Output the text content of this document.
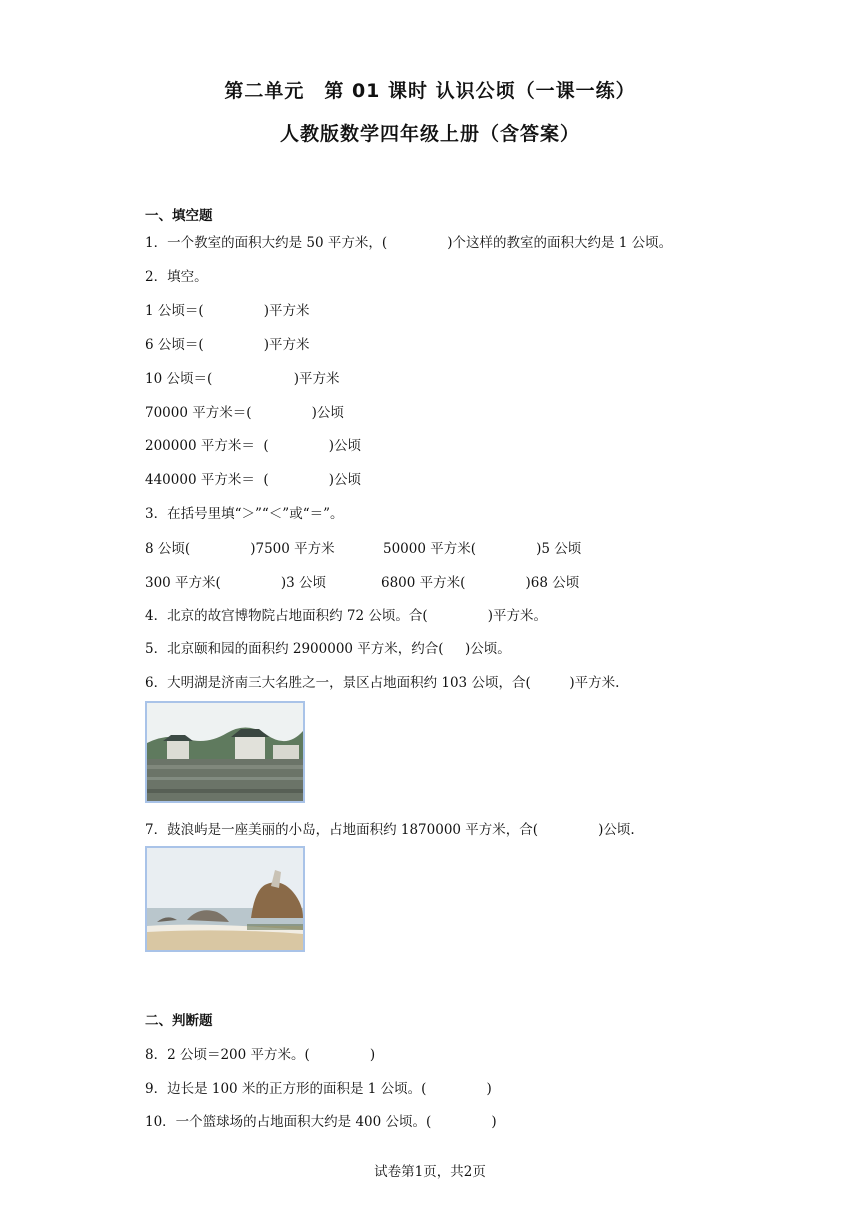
第二单元　第 01 课时 认识公顷（一课一练）
人教版数学四年级上册（含答案）
一、填空题
1．一个教室的面积大约是 50 平方米，(              )个这样的教室的面积大约是 1 公顷。
2．填空。
1 公顷＝(              )平方米
6 公顷＝(              )平方米
10 公顷＝(                   )平方米
70000 平方米＝(              )公顷
200000 平方米＝  (              )公顷
440000 平方米＝  (              )公顷
3．在括号里填“＞”“＜”或“＝”。
8 公顷(              )7500 平方米	50000 平方米(              )5 公顷
300 平方米(              )3 公顷	6800 平方米(              )68 公顷
4．北京的故宫博物院占地面积约 72 公顷。合(              )平方米。
5．北京颐和园的面积约 2900000 平方米，约合(     )公顷。
6．大明湖是济南三大名胜之一，景区占地面积约 103 公顷，合(         )平方米.
7．鼓浪屿是一座美丽的小岛，占地面积约 1870000 平方米，合(              )公顷.
二、判断题
8．2 公顷＝200 平方米。(              )
9．边长是 100 米的正方形的面积是 1 公顷。(              )
10．一个篮球场的占地面积大约是 400 公顷。(              )
试卷第1页，共2页
